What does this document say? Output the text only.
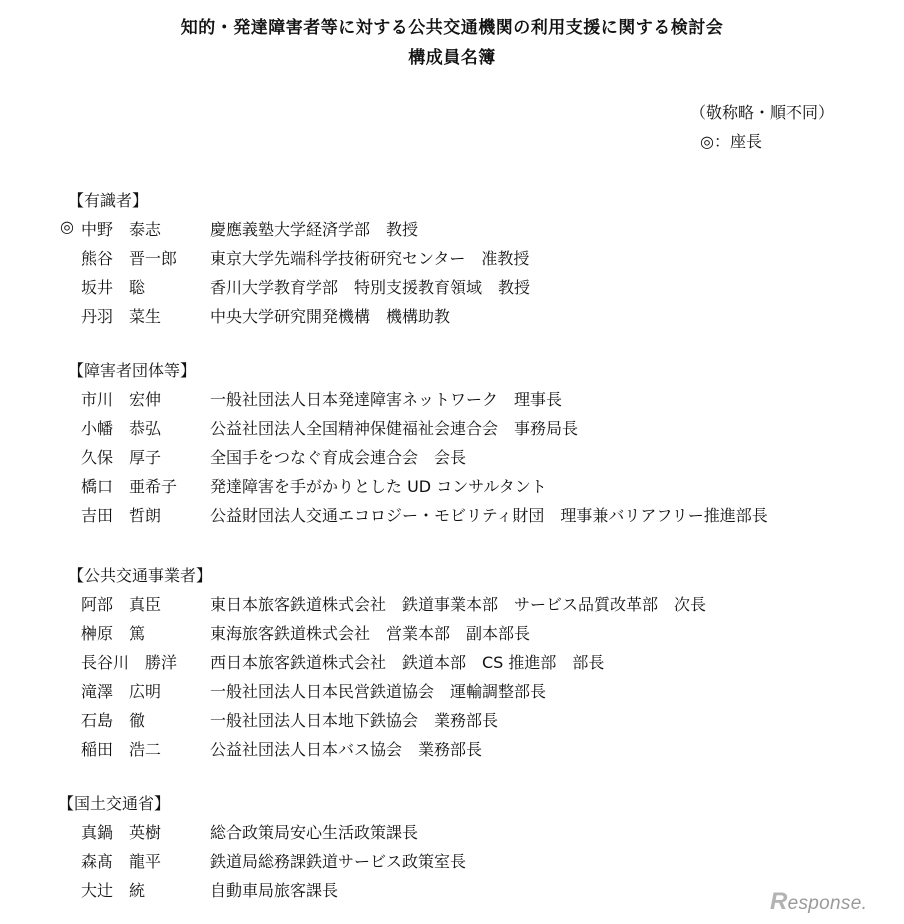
知的・発達障害者等に対する公共交通機関の利用支援に関する検討会
構成員名簿
（敬称略・順不同）
◎：座長
【有識者】
◎ 中野　泰志	慶應義塾大学経済学部　教授
熊谷　晋一郎 東京大学先端科学技術研究センター　准教授
坂井　聡	香川大学教育学部　特別支援教育領域　教授
丹羽　菜生	中央大学研究開発機構　機構助教
【障害者団体等】
市川　宏伸	一般社団法人日本発達障害ネットワーク　理事長
小幡　恭弘	公益社団法人全国精神保健福祉会連合会　事務局長
久保　厚子	全国手をつなぐ育成会連合会　会長
橋口　亜希子 発達障害を手がかりとした UD コンサルタント
吉田　哲朗	公益財団法人交通エコロジー・モビリティ財団　理事兼バリアフリー推進部長
【公共交通事業者】
阿部　真臣	東日本旅客鉄道株式会社　鉄道事業本部　サービス品質改革部　次長
榊原　篤	東海旅客鉄道株式会社　営業本部　副本部長
長谷川　勝洋 西日本旅客鉄道株式会社　鉄道本部　CS 推進部　部長
滝澤　広明	一般社団法人日本民営鉄道協会　運輸調整部長
石島　徹	一般社団法人日本地下鉄協会　業務部長
稲田　浩二	公益社団法人日本バス協会　業務部長
【国土交通省】
真鍋　英樹	総合政策局安心生活政策課長
森髙　龍平	鉄道局総務課鉄道サービス政策室長
大辻　統	自動車局旅客課長	Response.
